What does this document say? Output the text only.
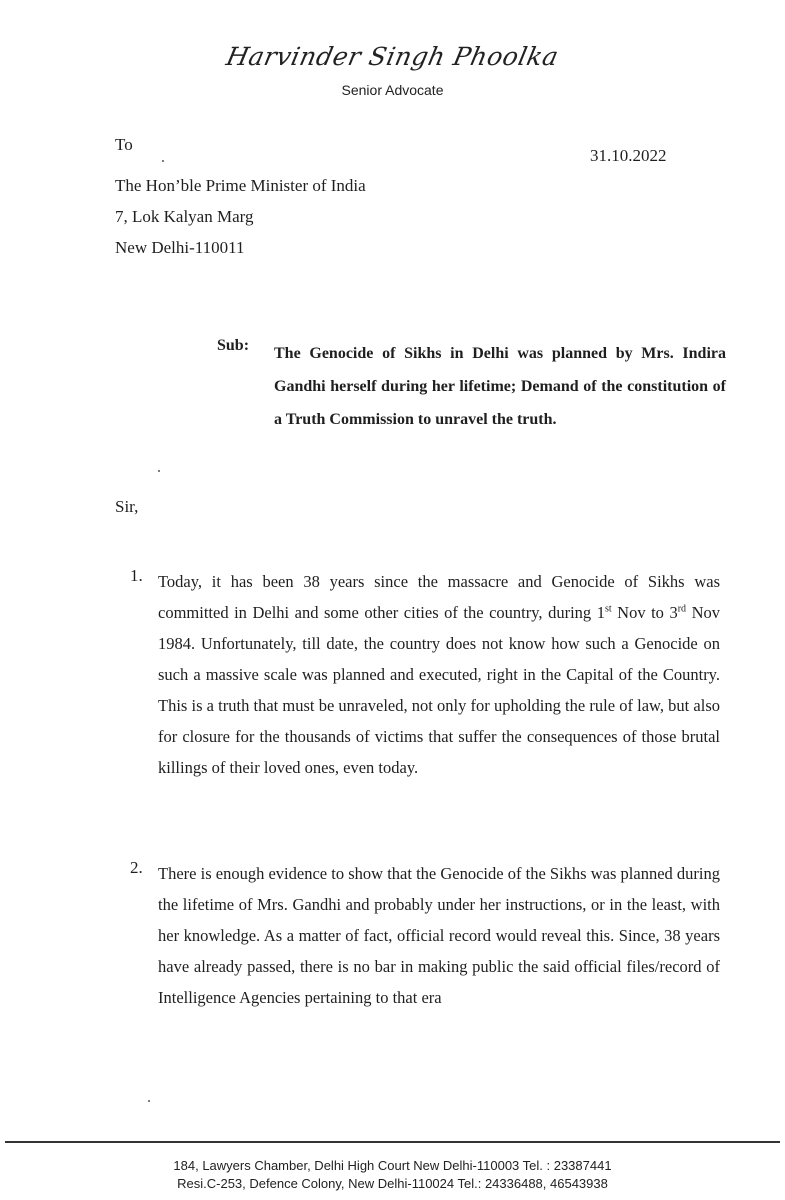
Harvinder Singh Phoolka
Senior Advocate
To
31.10.2022
The Hon’ble Prime Minister of India
7, Lok Kalyan Marg
New Delhi-110011
Sub: The Genocide of Sikhs in Delhi was planned by Mrs. Indira Gandhi herself during her lifetime; Demand of the constitution of a Truth Commission to unravel the truth.
Sir,
1. Today, it has been 38 years since the massacre and Genocide of Sikhs was committed in Delhi and some other cities of the country, during 1st Nov to 3rd Nov 1984. Unfortunately, till date, the country does not know how such a Genocide on such a massive scale was planned and executed, right in the Capital of the Country. This is a truth that must be unraveled, not only for upholding the rule of law, but also for closure for the thousands of victims that suffer the consequences of those brutal killings of their loved ones, even today.
2. There is enough evidence to show that the Genocide of the Sikhs was planned during the lifetime of Mrs. Gandhi and probably under her instructions, or in the least, with her knowledge. As a matter of fact, official record would reveal this. Since, 38 years have already passed, there is no bar in making public the said official files/record of Intelligence Agencies pertaining to that era
184, Lawyers Chamber, Delhi High Court New Delhi-110003 Tel. : 23387441
Resi.C-253, Defence Colony, New Delhi-110024 Tel.: 24336488, 46543938
